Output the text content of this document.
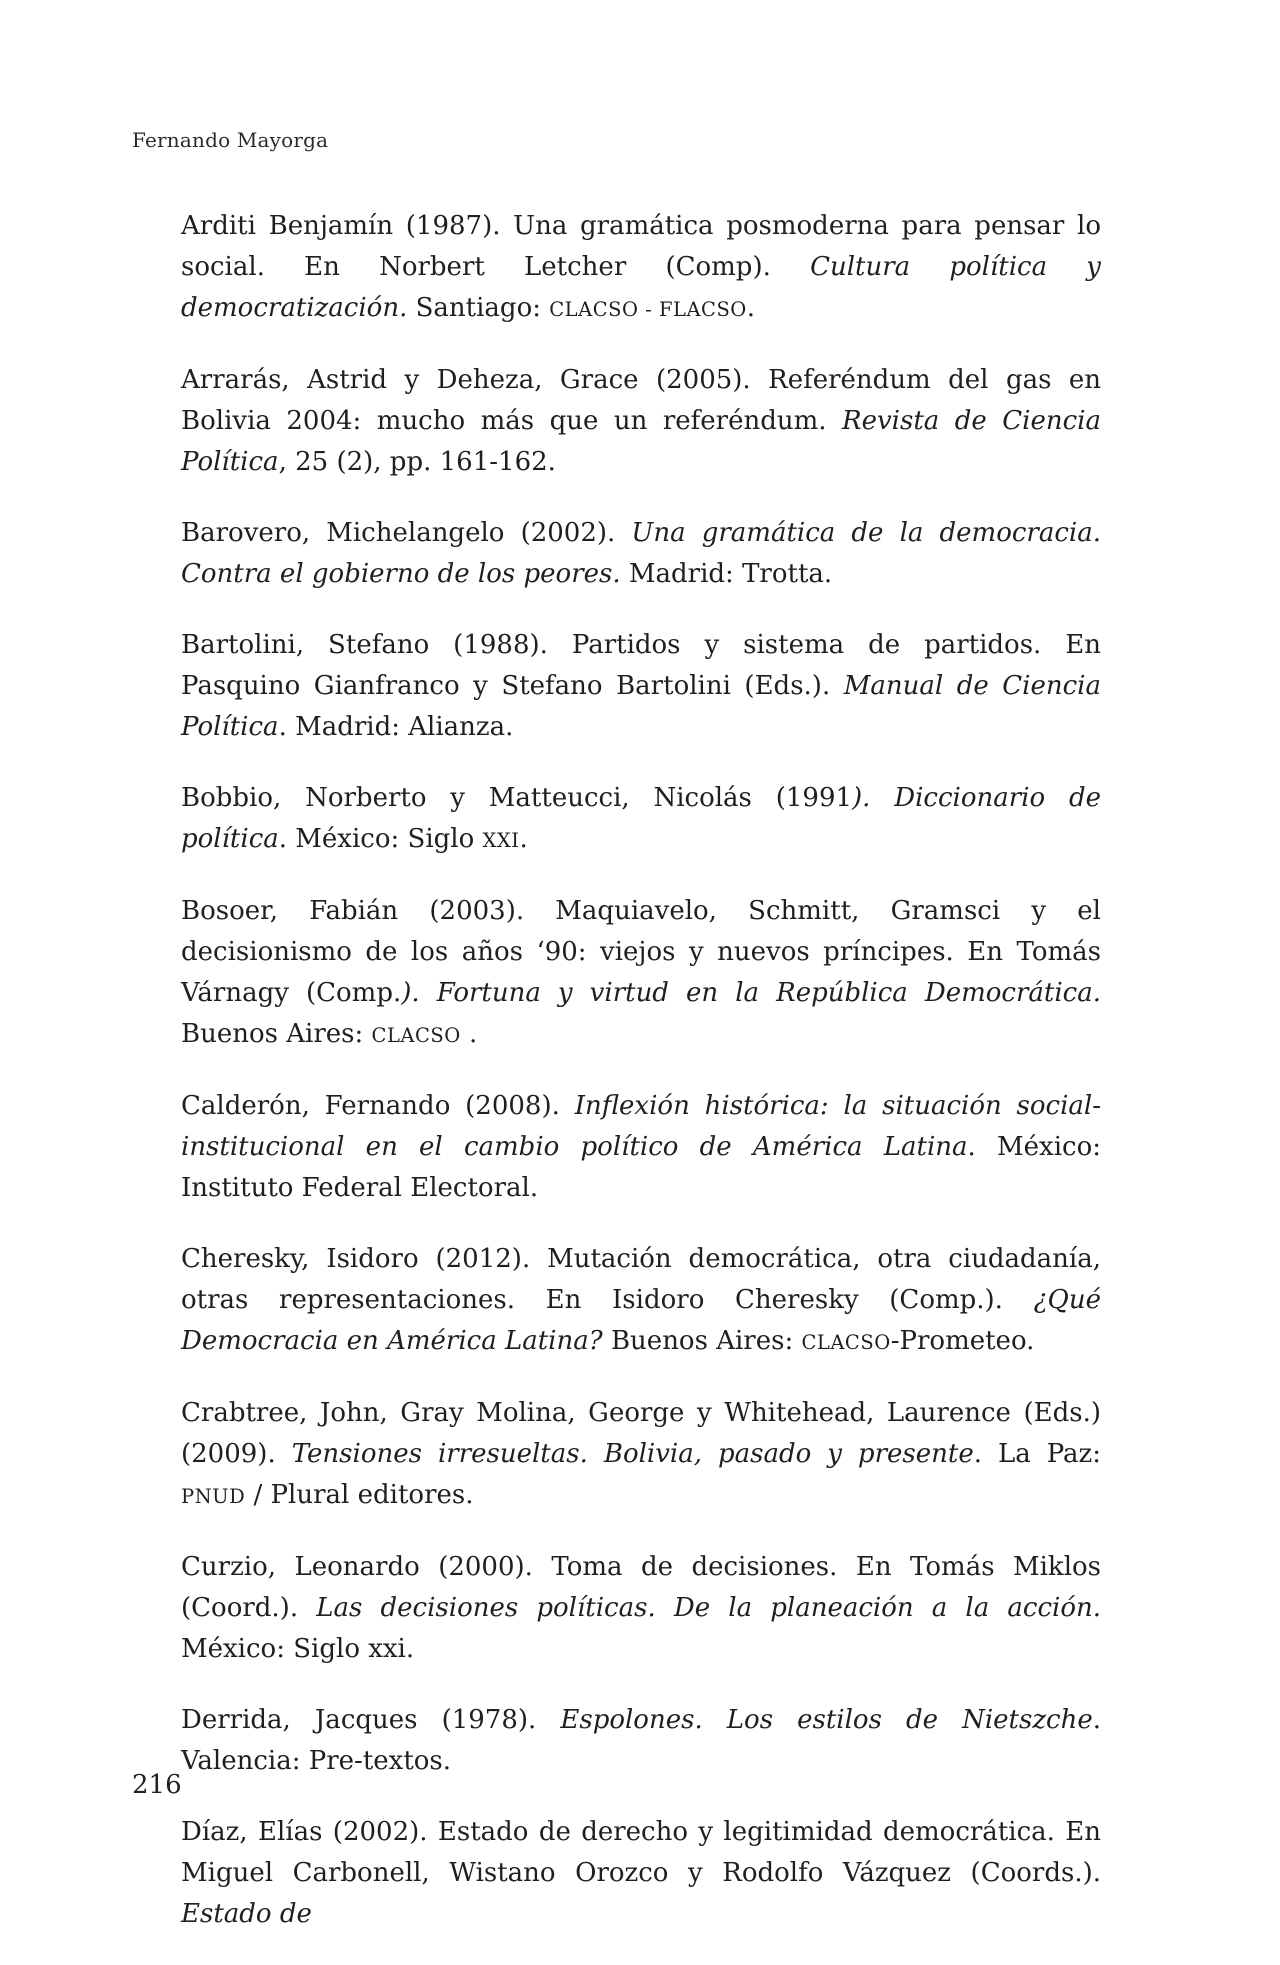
Fernando Mayorga
Arditi Benjamín (1987). Una gramática posmoderna para pensar lo social. En Norbert Letcher (Comp). Cultura política y democratización. Santiago: CLACSO - FLACSO.
Arrarás, Astrid y Deheza, Grace (2005). Referéndum del gas en Bolivia 2004: mucho más que un referéndum. Revista de Ciencia Política, 25 (2), pp. 161-162.
Barovero, Michelangelo (2002). Una gramática de la democracia. Contra el gobierno de los peores. Madrid: Trotta.
Bartolini, Stefano (1988). Partidos y sistema de partidos. En Pasquino Gianfranco y Stefano Bartolini (Eds.). Manual de Ciencia Política. Madrid: Alianza.
Bobbio, Norberto y Matteucci, Nicolás (1991). Diccionario de política. México: Siglo XXI.
Bosoer, Fabián (2003). Maquiavelo, Schmitt, Gramsci y el decisionismo de los años ‘90: viejos y nuevos príncipes. En Tomás Várnagy (Comp.). Fortuna y virtud en la República Democrática. Buenos Aires: CLACSO .
Calderón, Fernando (2008). Inflexión histórica: la situación social-institucional en el cambio político de América Latina. México: Instituto Federal Electoral.
Cheresky, Isidoro (2012). Mutación democrática, otra ciudadanía, otras representaciones. En Isidoro Cheresky (Comp.). ¿Qué Democracia en América Latina? Buenos Aires: CLACSO-Prometeo.
Crabtree, John, Gray Molina, George y Whitehead, Laurence (Eds.) (2009). Tensiones irresueltas. Bolivia, pasado y presente. La Paz: PNUD / Plural editores.
Curzio, Leonardo (2000). Toma de decisiones. En Tomás Miklos (Coord.). Las decisiones políticas. De la planeación a la acción. México: Siglo xxi.
Derrida, Jacques (1978). Espolones. Los estilos de Nietszche. Valencia: Pre-textos.
Díaz, Elías (2002). Estado de derecho y legitimidad democrática. En Miguel Carbonell, Wistano Orozco y Rodolfo Vázquez (Coords.). Estado de
216
